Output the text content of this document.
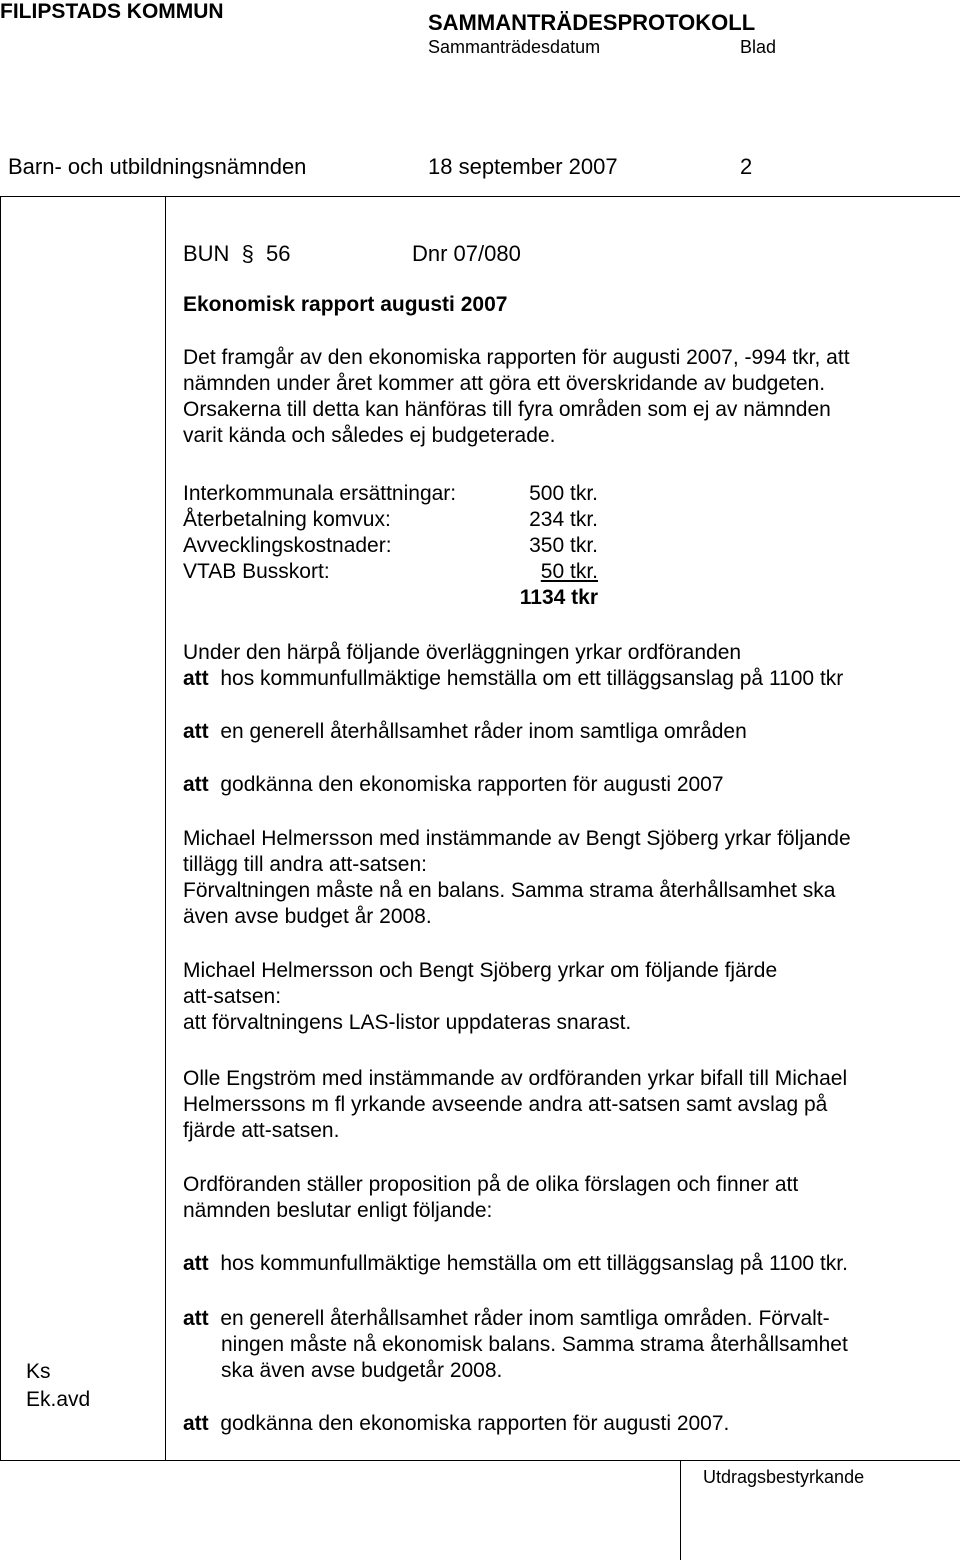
FILIPSTADS KOMMUN	SAMMANTRÄDESPROTOKOLL
Sammanträdesdatum	Blad
Barn- och utbildningsnämnden	18 september 2007	2
BUN § 56	Dnr 07/080
Ekonomisk rapport augusti 2007
Det framgår av den ekonomiska rapporten för augusti 2007, -994 tkr, att
nämnden under året kommer att göra ett överskridande av budgeten.
Orsakerna till detta kan hänföras till fyra områden som ej av nämnden
varit kända och således ej budgeterade.
Interkommunala ersättningar:	500 tkr.
Återbetalning komvux:	234 tkr.
Avvecklingskostnader:	350 tkr.
VTAB Busskort:	50 tkr.
1134 tkr
Under den härpå följande överläggningen yrkar ordföranden
att hos kommunfullmäktige hemställa om ett tilläggsanslag på 1100 tkr
att en generell återhållsamhet råder inom samtliga områden
att godkänna den ekonomiska rapporten för augusti 2007
Michael Helmersson med instämmande av Bengt Sjöberg yrkar följande
tillägg till andra att-satsen:
Förvaltningen måste nå en balans. Samma strama återhållsamhet ska
även avse budget år 2008.
Michael Helmersson och Bengt Sjöberg yrkar om följande fjärde
att-satsen:
att förvaltningens LAS-listor uppdateras snarast.
Olle Engström med instämmande av ordföranden yrkar bifall till Michael
Helmerssons m fl yrkande avseende andra att-satsen samt avslag på
fjärde att-satsen.
Ordföranden ställer proposition på de olika förslagen och finner att
nämnden beslutar enligt följande:
att hos kommunfullmäktige hemställa om ett tilläggsanslag på 1100 tkr.
att en generell återhållsamhet råder inom samtliga områden. Förvalt-
ningen måste nå ekonomisk balans. Samma strama återhållsamhet
ska även avse budgetår 2008.
att godkänna den ekonomiska rapporten för augusti 2007.
Ks
Ek.avd
Utdragsbestyrkande
